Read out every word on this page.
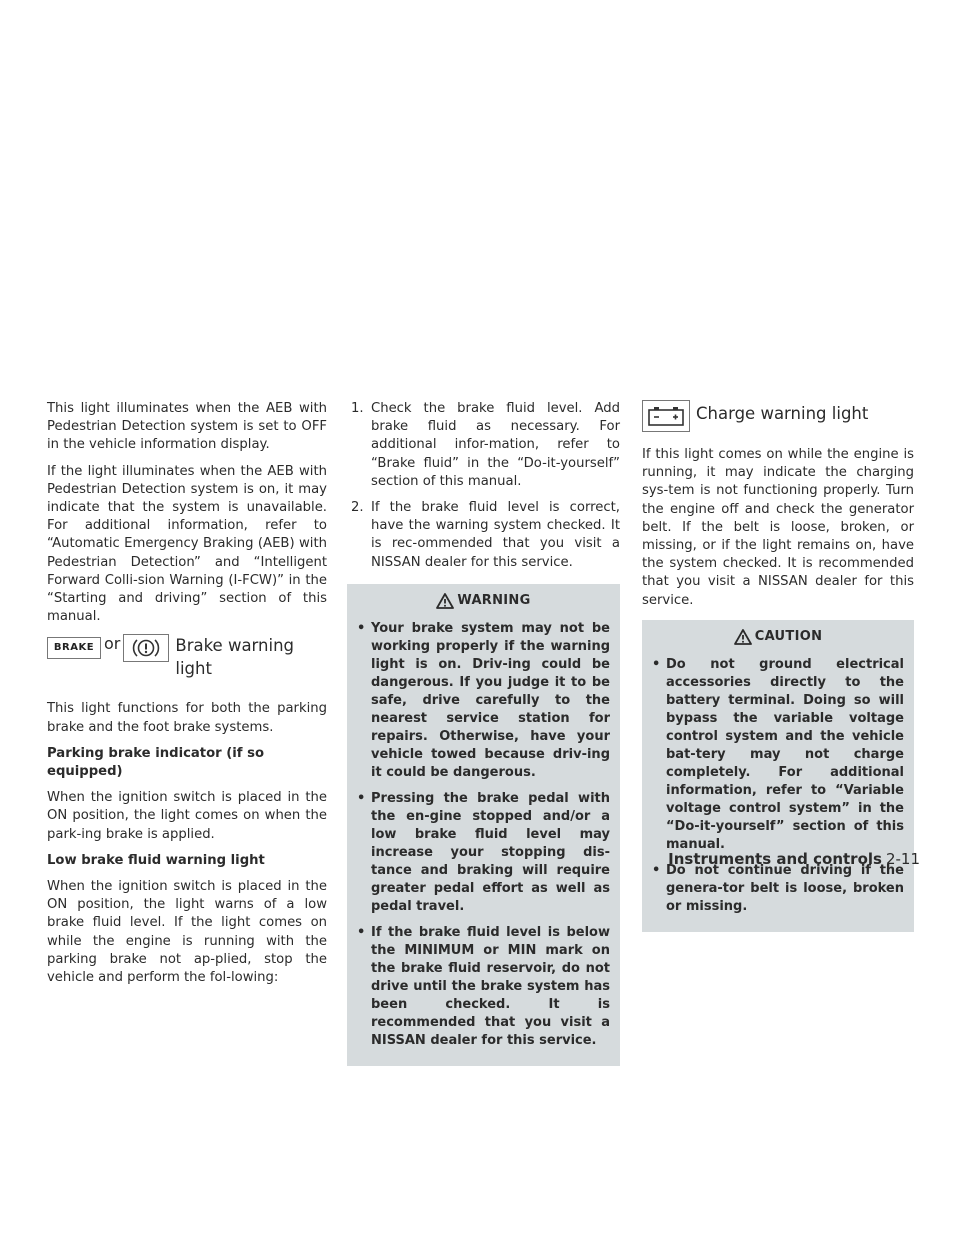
This light illuminates when the AEB with Pedestrian Detection system is set to OFF in the vehicle information display.

If the light illuminates when the AEB with Pedestrian Detection system is on, it may indicate that the system is unavailable. For additional information, refer to “Automatic Emergency Braking (AEB) with Pedestrian Detection” and “Intelligent Forward Colli-sion Warning (I-FCW)” in the “Starting and driving” section of this manual.

BRAKE or	Brake warning light

This light functions for both the parking brake and the foot brake systems.

Parking brake indicator (if so equipped)

When the ignition switch is placed in the ON position, the light comes on when the park-ing brake is applied.

Low brake fluid warning light

When the ignition switch is placed in the ON position, the light warns of a low brake fluid level. If the light comes on while the engine is running with the parking brake not ap-plied, stop the vehicle and perform the fol-lowing:

1. Check the brake fluid level. Add brake fluid as necessary. For additional infor-mation, refer to “Brake fluid” in the “Do-it-yourself” section of this manual.
2. If the brake fluid level is correct, have the warning system checked. It is rec-ommended that you visit a NISSAN dealer for this service.
WARNING
• Your brake system may not be working properly if the warning light is on. Driv-ing could be dangerous. If you judge it to be safe, drive carefully to the nearest service station for repairs. Otherwise, have your vehicle towed because driv-ing it could be dangerous.
• Pressing the brake pedal with the en-gine stopped and/or a low brake fluid level may increase your stopping dis-tance and braking will require greater pedal effort as well as pedal travel.
• If the brake fluid level is below the MINIMUM or MIN mark on the brake fluid reservoir, do not drive until the brake system has been checked. It is recommended that you visit a NISSAN dealer for this service.
Charge warning light

If this light comes on while the engine is running, it may indicate the charging sys-tem is not functioning properly. Turn the engine off and check the generator belt. If the belt is loose, broken, or missing, or if the light remains on, have the system checked. It is recommended that you visit a NISSAN dealer for this service.

CAUTION
• Do not ground electrical accessories directly to the battery terminal. Doing so will bypass the variable voltage control system and the vehicle bat-tery may not charge completely. For additional information, refer to “Variable voltage control system” in the “Do-it-yourself” section of this manual.
• Do not continue driving if the genera-tor belt is loose, broken or missing.
Instruments and controls 2-11
